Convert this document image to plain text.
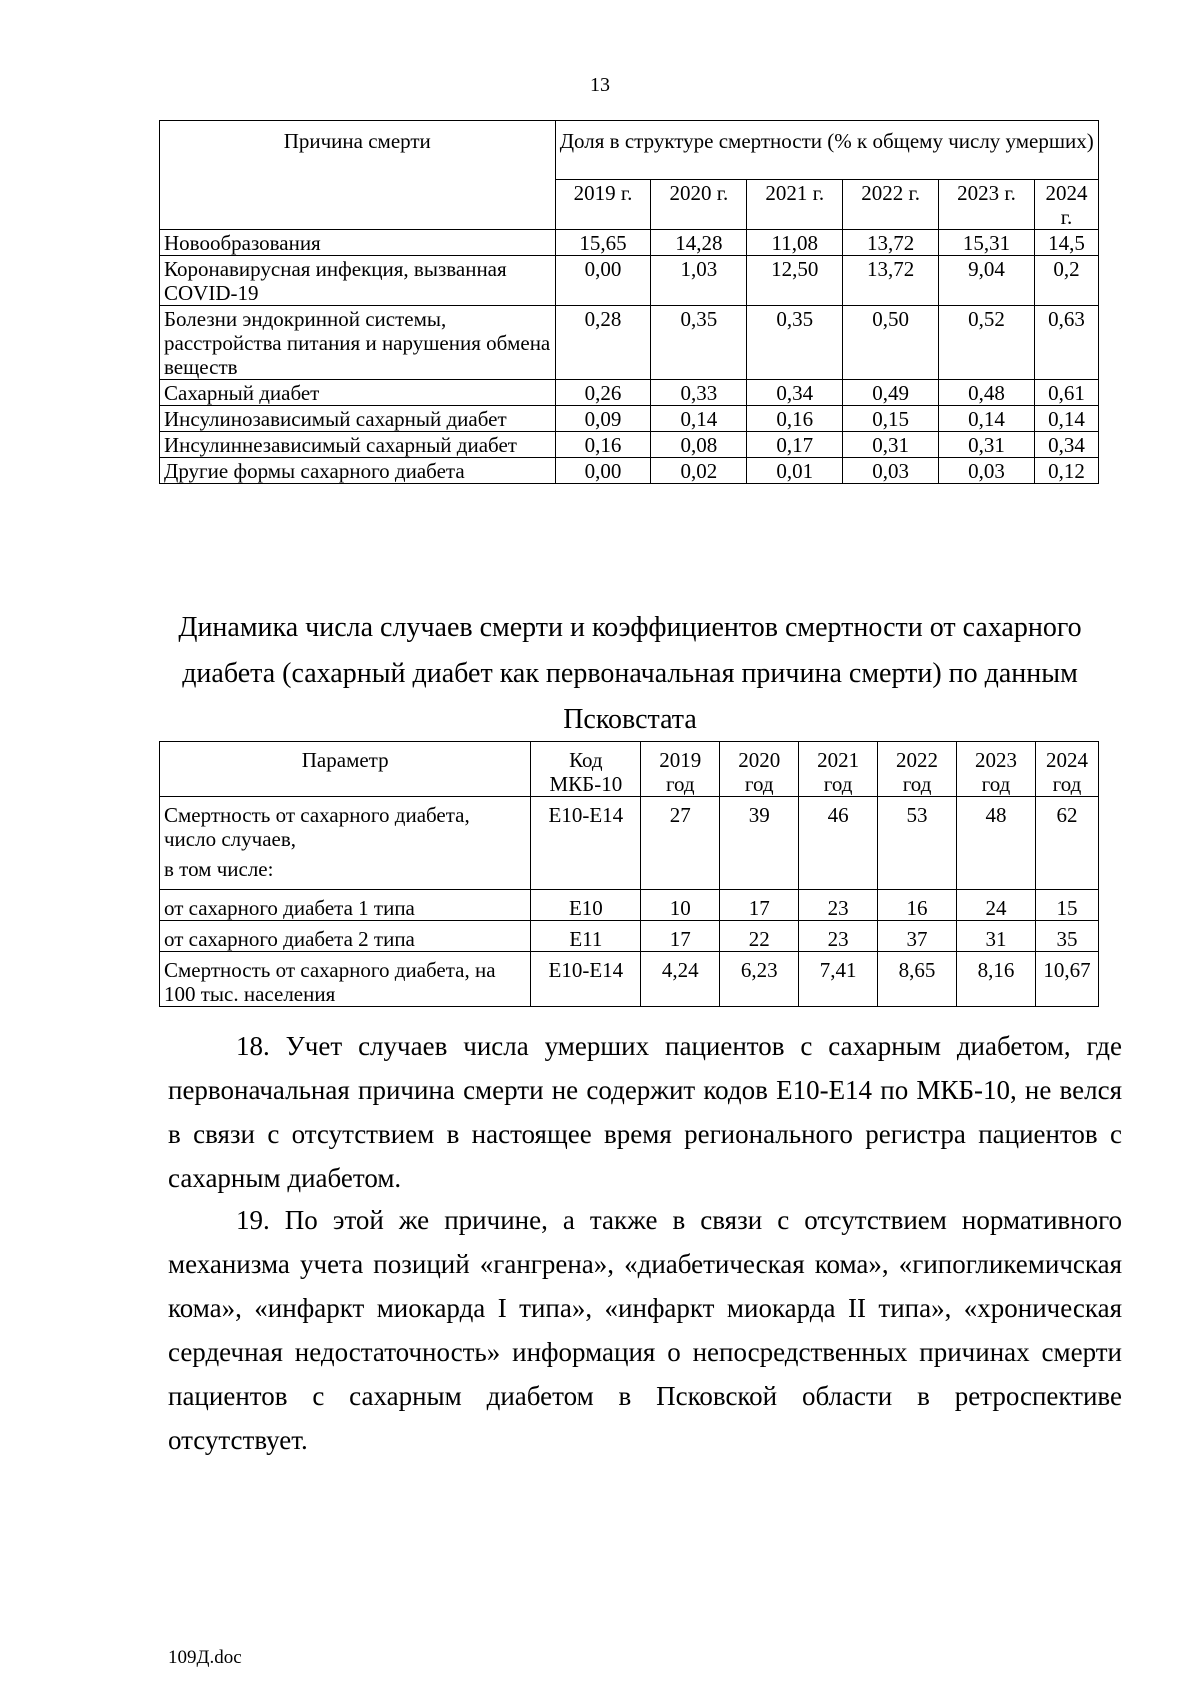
13
Причина смерти	Доля в структуре смертности (% к общему числу умерших)					
	2019 г.	2020 г.	2021 г.	2022 г.	2023 г.	2024 г.
Новообразования	15,65	14,28	11,08	13,72	15,31	14,5
Коронавирусная инфекция, вызванная COVID-19	0,00	1,03	12,50	13,72	9,04	0,2
Болезни эндокринной системы, расстройства питания и нарушения обмена веществ	0,28	0,35	0,35	0,50	0,52	0,63
Сахарный диабет	0,26	0,33	0,34	0,49	0,48	0,61
Инсулинозависимый сахарный диабет	0,09	0,14	0,16	0,15	0,14	0,14
Инсулиннезависимый сахарный диабет	0,16	0,08	0,17	0,31	0,31	0,34
Другие формы сахарного диабета	0,00	0,02	0,01	0,03	0,03	0,12
Динамика числа случаев смерти и коэффициентов смертности от сахарного диабета (сахарный диабет как первоначальная причина смерти) по данным Псковстата
Параметр	Код МКБ-10	2019 год	2020 год	2021 год	2022 год	2023 год	2024 год

Смертность от сахарного диабета, число случаев,
в том числе:	E10-E14	27	39	46	53	48	62
от сахарного диабета 1 типа	E10	10	17	23	16	24	15
от сахарного диабета 2 типа	E11	17	22	23	37	31	35
Смертность от сахарного диабета, на 100 тыс. населения	E10-E14	4,24	6,23	7,41	8,65	8,16	10,67

18. Учет случаев числа умерших пациентов с сахарным диабетом, где первоначальная причина смерти не содержит кодов E10-E14 по МКБ-10, не велся в связи с отсутствием в настоящее время регионального регистра пациентов с сахарным диабетом.

19. По этой же причине, а также в связи с отсутствием нормативного механизма учета позиций «гангрена», «диабетическая кома», «гипогликемичская кома», «инфаркт миокарда I типа», «инфаркт миокарда II типа», «хроническая сердечная недостаточность» информация о непосредственных причинах смерти пациентов с сахарным диабетом в Псковской области в ретроспективе отсутствует.

109Д.doc
